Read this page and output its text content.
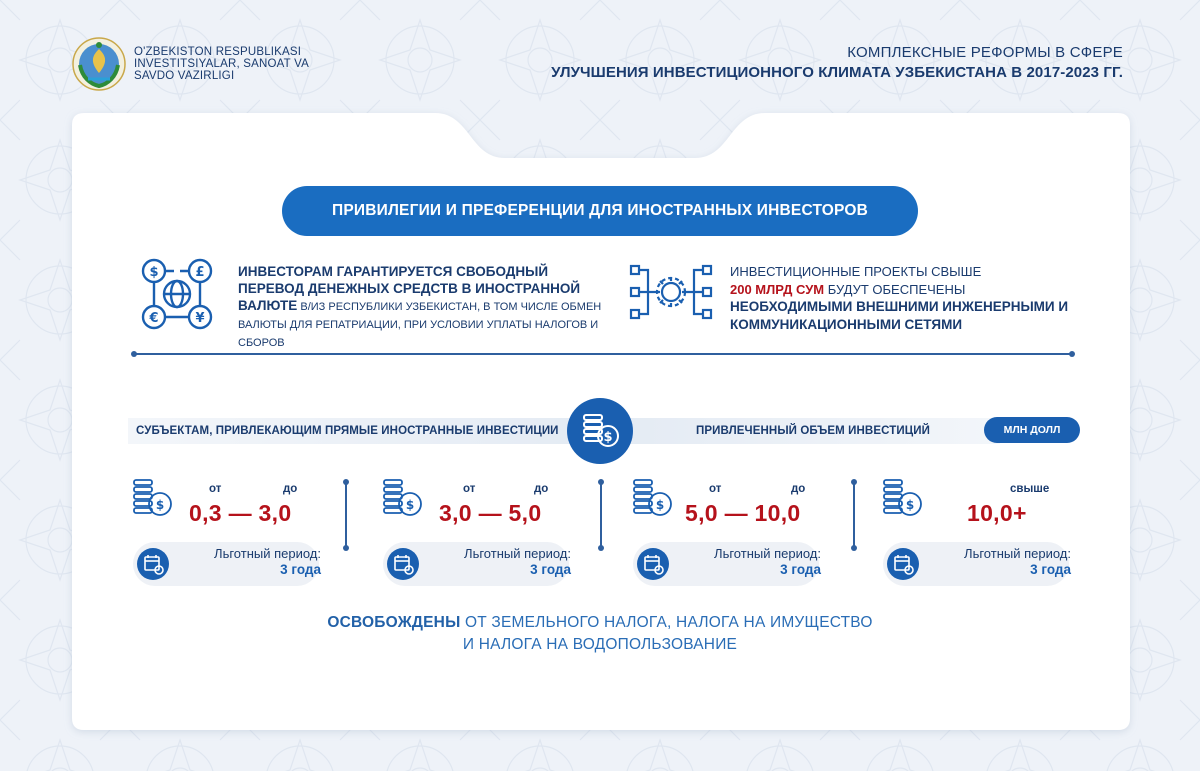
O'ZBEKISTON RESPUBLIKASI
INVESTITSIYALAR, SANOAT VA
SAVDO VAZIRLIGI
КОМПЛЕКСНЫЕ РЕФОРМЫ В СФЕРЕ
УЛУЧШЕНИЯ ИНВЕСТИЦИОННОГО КЛИМАТА УЗБЕКИСТАНА В 2017-2023 ГГ.
ПРИВИЛЕГИИ И ПРЕФЕРЕНЦИИ ДЛЯ ИНОСТРАННЫХ ИНВЕСТОРОВ
$	£
€	¥
ИНВЕСТОРАМ ГАРАНТИРУЕТСЯ СВОБОДНЫЙ ПЕРЕВОД ДЕНЕЖНЫХ СРЕДСТВ В ИНОСТРАННОЙ ВАЛЮТЕ В/ИЗ РЕСПУБЛИКИ УЗБЕКИСТАН, В ТОМ ЧИСЛЕ ОБМЕН ВАЛЮТЫ ДЛЯ РЕПАТРИАЦИИ, ПРИ УСЛОВИИ УПЛАТЫ НАЛОГОВ И СБОРОВ
ИНВЕСТИЦИОННЫЕ ПРОЕКТЫ СВЫШЕ
200 МЛРД СУМ БУДУТ ОБЕСПЕЧЕНЫ
НЕОБХОДИМЫМИ ВНЕШНИМИ ИНЖЕНЕРНЫМИ И КОММУНИКАЦИОННЫМИ СЕТЯМИ
СУБЪЕКТАМ, ПРИВЛЕКАЮЩИМ ПРЯМЫЕ ИНОСТРАННЫЕ ИНВЕСТИЦИИ	ПРИВЛЕЧЕННЫЙ ОБЪЕМ ИНВЕСТИЦИЙ
$	МЛН ДОЛЛ
$
от	до
0,3 — 3,0
Льготный период:
3 года
$
от	до
3,0 — 5,0
Льготный период:
3 года
$
от	до
5,0 — 10,0
Льготный период:
3 года
$
свыше
10,0+
Льготный период:
3 года
ОСВОБОЖДЕНЫ ОТ ЗЕМЕЛЬНОГО НАЛОГА, НАЛОГА НА ИМУЩЕСТВО
И НАЛОГА НА ВОДОПОЛЬЗОВАНИЕ
